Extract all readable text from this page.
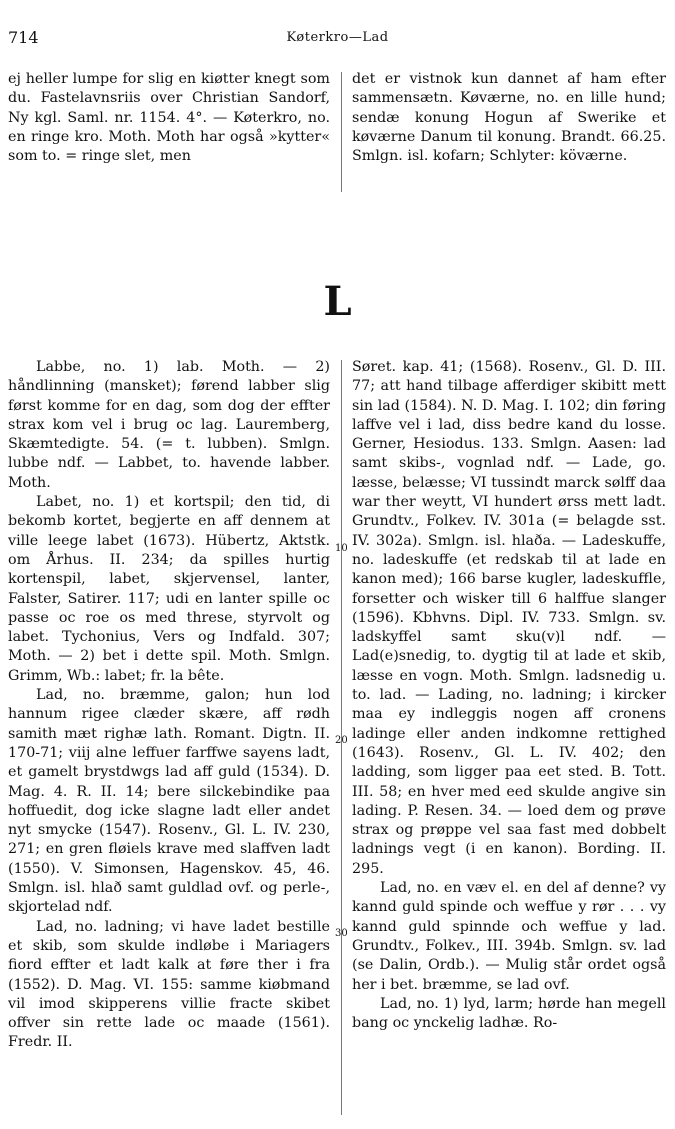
714	Køterkro—Lad

ej heller lumpe for slig en kiøtter knegt som du. Fastelavnsriis over Christian Sandorf, Ny kgl. Saml. nr. 1154. 4°. — Køterkro, no. en ringe kro. Moth. Moth har også »kytter« som to. = ringe slet, men

det er vistnok kun dannet af ham efter sammensætn. Køværne, no. en lille hund; sendæ konung Hogun af Swerike et køværne Danum til konung. Brandt. 66.25. Smlgn. isl. kofarn; Schlyter: köværne.

L

Labbe, no. 1) lab. Moth. — 2) håndlinning (mansket); førend labber slig først komme for en dag, som dog der effter strax kom vel i brug oc lag. Lauremberg, Skæmtedigte. 54. (= t. lubben). Smlgn. lubbe ndf. — Labbet, to. havende labber. Moth.

Labet, no. 1) et kortspil; den tid, di bekomb kortet, begjerte en aff dennem at ville leege labet (1673). Hübertz, Aktstk. om Århus. II. 234; da spilles hurtig kortenspil, labet, skjervensel, lanter, Falster, Satirer. 117; udi en lanter spille oc passe oc roe os med threse, styrvolt og labet. Tychonius, Vers og Indfald. 307; Moth. — 2) bet i dette spil. Moth. Smlgn. Grimm, Wb.: labet; fr. la bête.

Lad, no. bræmme, galon; hun lod hannum rigee clæder skære, aff rødh samith mæt righæ lath. Romant. Digtn. II. 170-71; viij alne leffuer farffwe sayens ladt, et gamelt brystdwgs lad aff guld (1534). D. Mag. 4. R. II. 14; bere silckebindike paa hoffuedit, dog icke slagne ladt eller andet nyt smycke (1547). Rosenv., Gl. L. IV. 230, 271; en gren fløiels krave med slaffven ladt (1550). V. Simonsen, Hagenskov. 45, 46. Smlgn. isl. hlað samt guldlad ovf. og perle-, skjortelad ndf.

Lad, no. ladning; vi have ladet bestille et skib, som skulde indløbe i Mariagers fiord effter et ladt kalk at føre ther i fra (1552). D. Mag. VI. 155: samme kiøbmand vil imod skipperens villie fracte skibet offver sin rette lade oc maade (1561). Fredr. II.

Søret. kap. 41; (1568). Rosenv., Gl. D. III. 77; att hand tilbage afferdiger skibitt mett sin lad (1584). N. D. Mag. I. 102; din føring laffve vel i lad, diss bedre kand du losse. Gerner, Hesiodus. 133. Smlgn. Aasen: lad samt skibs-, vognlad ndf. — Lade, go. læsse, belæsse; VI tussindt marck sølff daa war ther weytt, VI hundert ørss mett ladt. Grundtv., Folkev. IV. 301a (= belagde sst. IV. 302a). Smlgn. isl. hlaða. — Ladeskuffe, no. ladeskuffe (et redskab til at lade en kanon med); 166 barse kugler, ladeskuffle, forsetter och wisker till 6 halffue slanger (1596). Kbhvns. Dipl. IV. 733. Smlgn. sv. ladskyffel samt sku(v)l ndf. — Lad(e)snedig, to. dygtig til at lade et skib, læsse en vogn. Moth. Smlgn. ladsnedig u. to. lad. — Lading, no. ladning; i kircker maa ey indleggis nogen aff cronens ladinge eller anden indkomne rettighed (1643). Rosenv., Gl. L. IV. 402; den ladding, som ligger paa eet sted. B. Tott. III. 58; en hver med eed skulde angive sin lading. P. Resen. 34. — loed dem og prøve strax og prøppe vel saa fast med dobbelt ladnings vegt (i en kanon). Bording. II. 295.

Lad, no. en væv el. en del af denne? vy kannd guld spinde och weffue y rør . . . vy kannd guld spinnde och weffue y lad. Grundtv., Folkev., III. 394b. Smlgn. sv. lad (se Dalin, Ordb.). — Mulig står ordet også her i bet. bræmme, se lad ovf.

Lad, no. 1) lyd, larm; hørde han megell bang oc ynckelig ladhæ. Ro-

10
20
30
